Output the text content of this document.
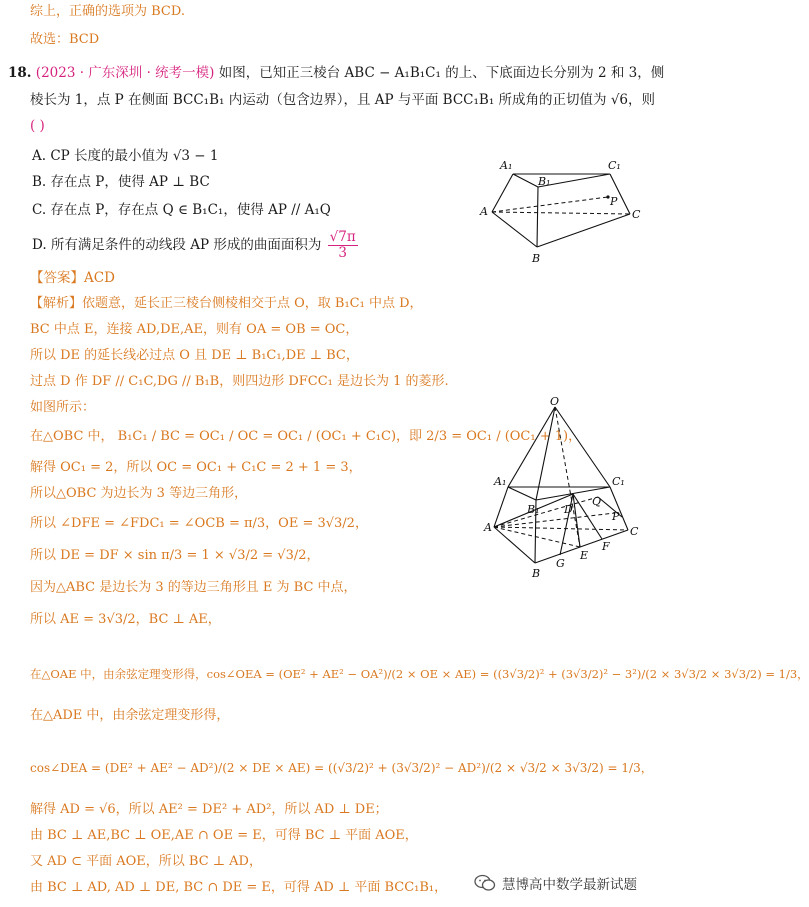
综上，正确的选项为 BCD.
故选：BCD
18. (2023 · 广东深圳 · 统考一模) 如图，已知正三棱台 ABC − A₁B₁C₁ 的上、下底面边长分别为 2 和 3，侧
棱长为 1，点 P 在侧面 BCC₁B₁ 内运动（包含边界），且 AP 与平面 BCC₁B₁ 所成角的正切值为 √6，则
( )
A. CP 长度的最小值为 √3 − 1
B. 存在点 P，使得 AP ⊥ BC
C. 存在点 P，存在点 Q ∈ B₁C₁，使得 AP // A₁Q
D. 所有满足条件的动线段 AP 形成的曲面面积为 $\frac{√7\pi}{3}$
A₁
B₁
C₁
A
B
C
P
【答案】ACD
【解析】依题意，延长正三棱台侧棱相交于点 O，取 B₁C₁ 中点 D，
BC 中点 E，连接 AD,DE,AE，则有 OA = OB = OC，
所以 DE 的延长线必过点 O 且 DE ⊥ B₁C₁,DE ⊥ BC，
过点 D 作 DF // C₁C,DG // B₁B，则四边形 DFCC₁ 是边长为 1 的菱形.
如图所示：
在△OBC 中， B₁C₁ / BC = OC₁ / OC = OC₁ / (OC₁ + C₁C)，即 2/3 = OC₁ / (OC₁ + 1)，
解得 OC₁ = 2，所以 OC = OC₁ + C₁C = 2 + 1 = 3，
所以△OBC 为边长为 3 等边三角形，
所以 ∠DFE = ∠FDC₁ = ∠OCB = π/3，OE = 3√3/2，
所以 DE = DF × sin π/3 = 1 × √3/2 = √3/2，
因为△ABC 是边长为 3 的等边三角形且 E 为 BC 中点，
所以 AE = 3√3/2，BC ⊥ AE，
在△OAE 中，由余弦定理变形得，cos∠OEA = (OE² + AE² − OA²)/(2 × OE × AE) = ((3√3/2)² + (3√3/2)² − 3²)/(2 × 3√3/2 × 3√3/2) = 1/3，
在△ADE 中，由余弦定理变形得，
cos∠DEA = (DE² + AE² − AD²)/(2 × DE × AE) = ((√3/2)² + (3√3/2)² − AD²)/(2 × √3/2 × 3√3/2) = 1/3，
解得 AD = √6，所以 AE² = DE² + AD²，所以 AD ⊥ DE；
由 BC ⊥ AE,BC ⊥ OE,AE ∩ OE = E，可得 BC ⊥ 平面 AOE，
又 AD ⊂ 平面 AOE，所以 BC ⊥ AD，
由 BC ⊥ AD, AD ⊥ DE, BC ∩ DE = E，可得 AD ⊥ 平面 BCC₁B₁，
O
A₁
B₁
C₁
D
Q
P
A
B
C
G
E
F
慧博高中数学最新试题
